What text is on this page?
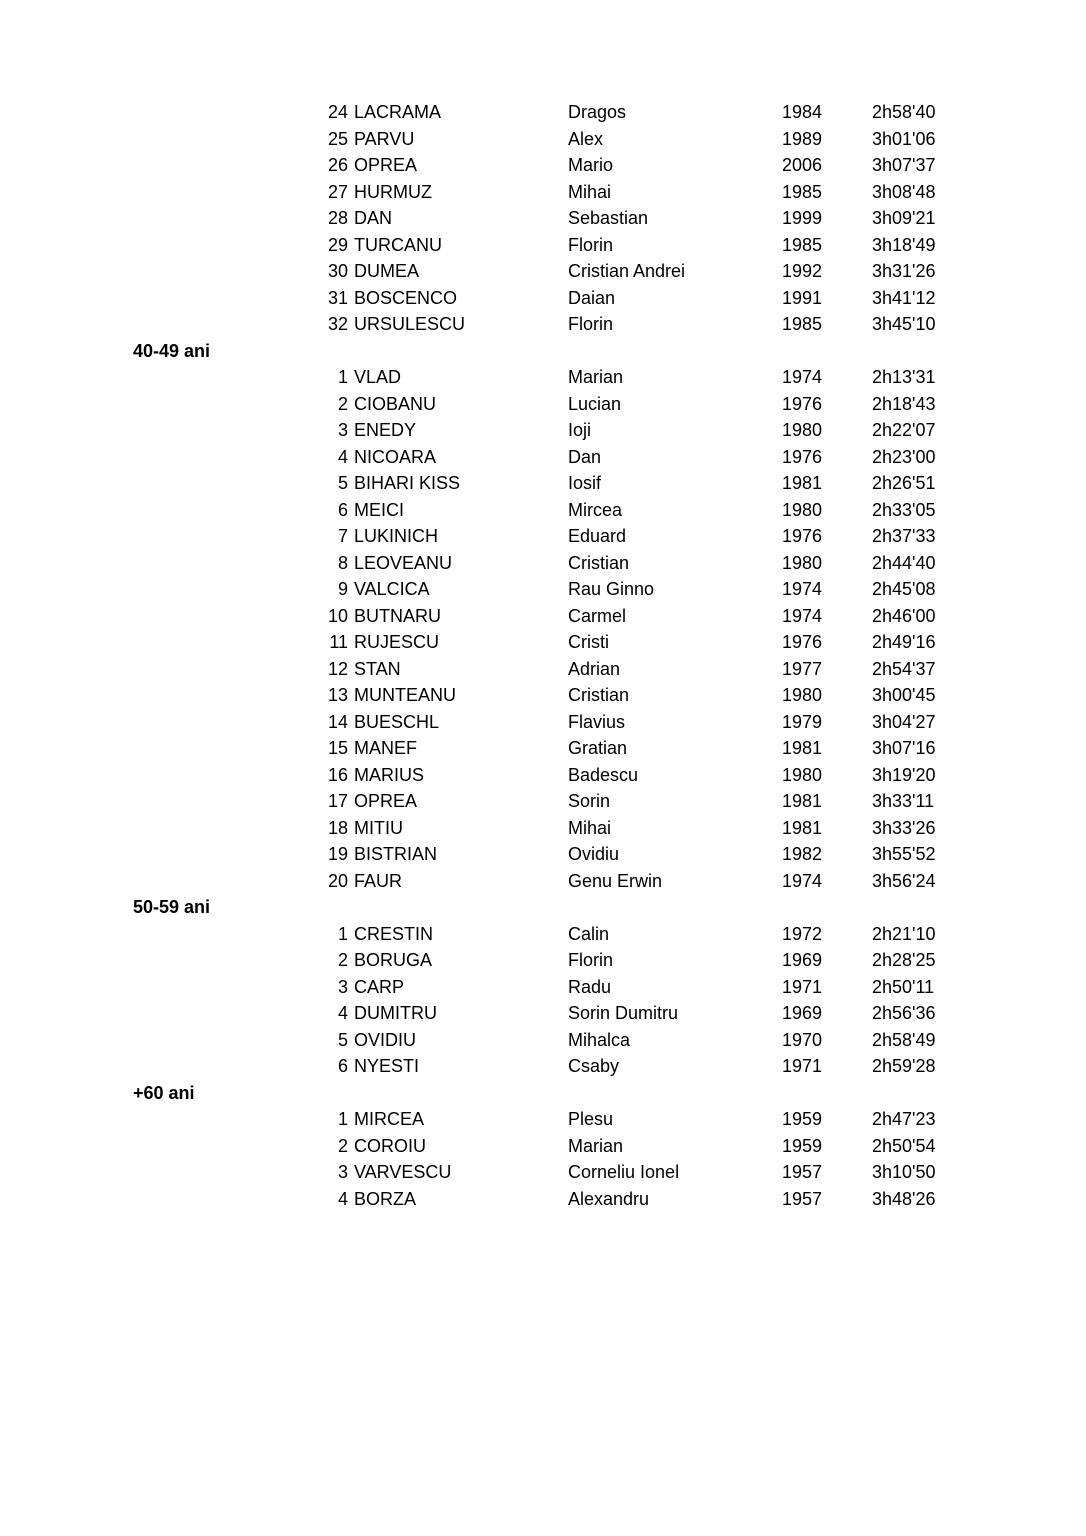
24 LACRAMA	Dragos	1984	2h58'40
25 PARVU	Alex	1989	3h01'06
26 OPREA	Mario	2006	3h07'37
27 HURMUZ	Mihai	1985	3h08'48
28 DAN	Sebastian	1999	3h09'21
29 TURCANU	Florin	1985	3h18'49
30 DUMEA	Cristian Andrei	1992	3h31'26
31 BOSCENCO	Daian	1991	3h41'12
32 URSULESCU	Florin	1985	3h45'10
40-49 ani
1 VLAD	Marian	1974	2h13'31
2 CIOBANU	Lucian	1976	2h18'43
3 ENEDY	Ioji	1980	2h22'07
4 NICOARA	Dan	1976	2h23'00
5 BIHARI KISS	Iosif	1981	2h26'51
6 MEICI	Mircea	1980	2h33'05
7 LUKINICH	Eduard	1976	2h37'33
8 LEOVEANU	Cristian	1980	2h44'40
9 VALCICA	Rau Ginno	1974	2h45'08
10 BUTNARU	Carmel	1974	2h46'00
11 RUJESCU	Cristi	1976	2h49'16
12 STAN	Adrian	1977	2h54'37
13 MUNTEANU	Cristian	1980	3h00'45
14 BUESCHL	Flavius	1979	3h04'27
15 MANEF	Gratian	1981	3h07'16
16 MARIUS	Badescu	1980	3h19'20
17 OPREA	Sorin	1981	3h33'11
18 MITIU	Mihai	1981	3h33'26
19 BISTRIAN	Ovidiu	1982	3h55'52
20 FAUR	Genu Erwin	1974	3h56'24
50-59 ani
1 CRESTIN	Calin	1972	2h21'10
2 BORUGA	Florin	1969	2h28'25
3 CARP	Radu	1971	2h50'11
4 DUMITRU	Sorin Dumitru	1969	2h56'36
5 OVIDIU	Mihalca	1970	2h58'49
6 NYESTI	Csaby	1971	2h59'28
+60 ani
1 MIRCEA	Plesu	1959	2h47'23
2 COROIU	Marian	1959	2h50'54
3 VARVESCU	Corneliu Ionel	1957	3h10'50
4 BORZA	Alexandru	1957	3h48'26
